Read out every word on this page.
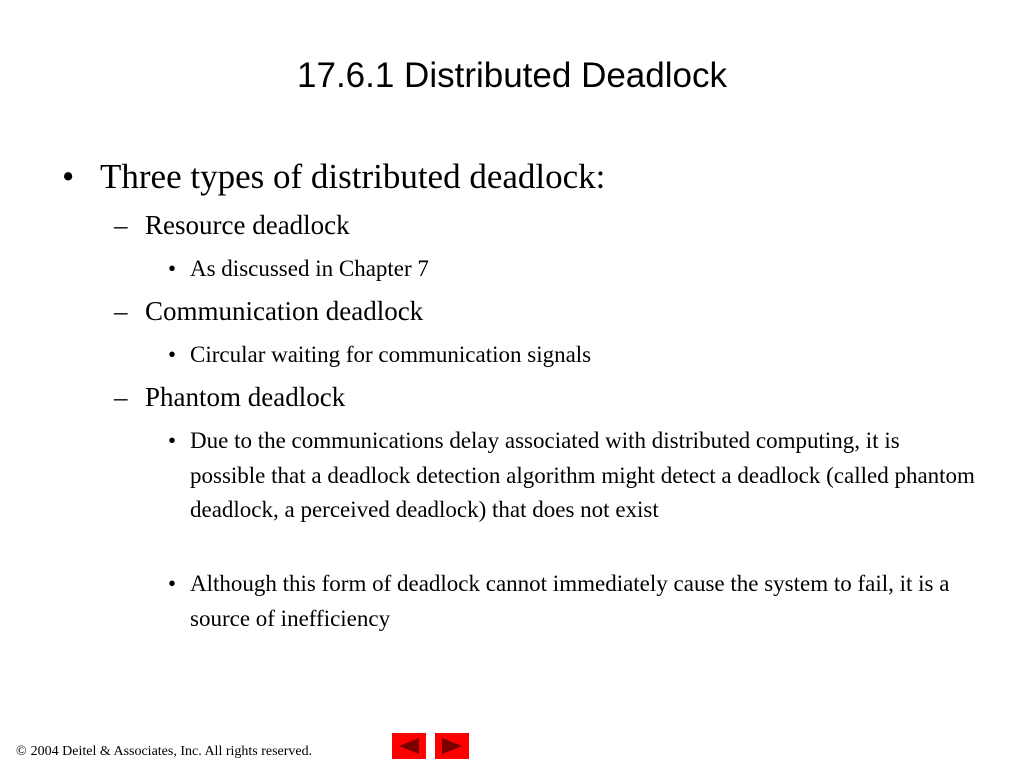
17.6.1 Distributed Deadlock
• Three types of distributed deadlock:
– Resource deadlock
• As discussed in Chapter 7
– Communication deadlock
• Circular waiting for communication signals
– Phantom deadlock
• Due to the communications delay associated with distributed computing, it is possible that a deadlock detection algorithm might detect a deadlock (called phantom deadlock, a perceived deadlock) that does not exist
• Although this form of deadlock cannot immediately cause the system to fail, it is a source of inefficiency
© 2004 Deitel & Associates, Inc. All rights reserved.
